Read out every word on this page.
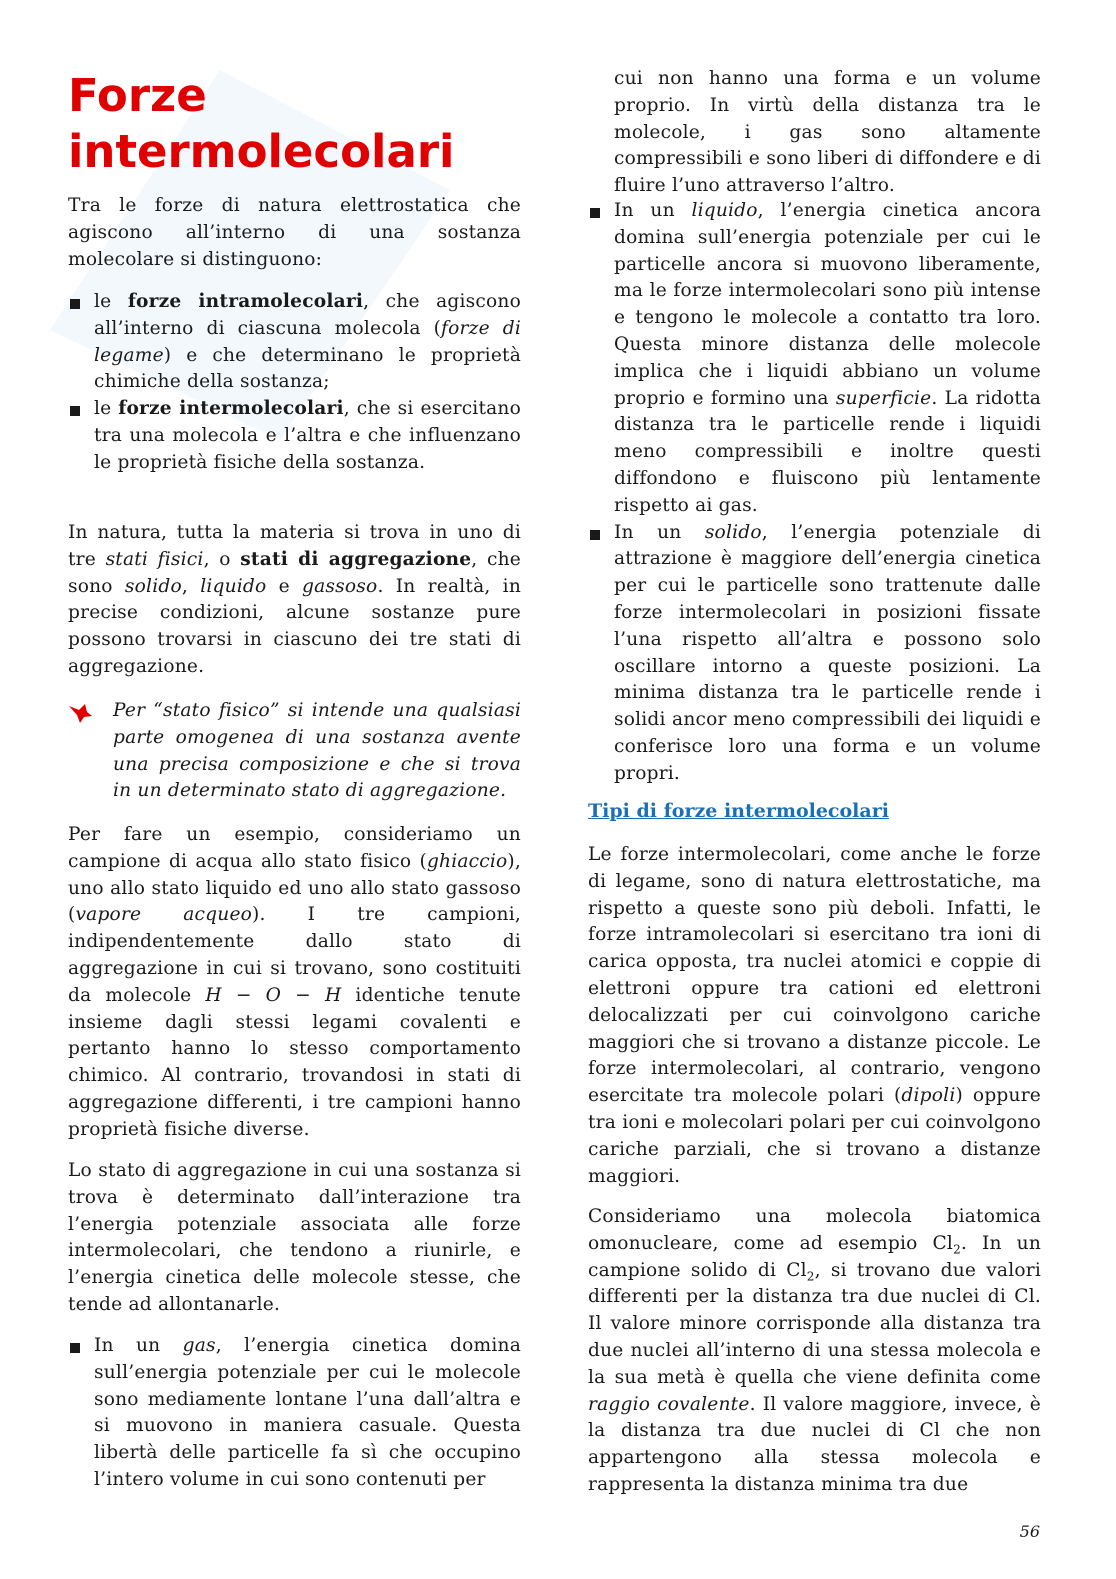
Forze
intermolecolari

Tra le forze di natura elettrostatica che agiscono all’interno di una sostanza molecolare si distinguono:

le forze intramolecolari, che agiscono all’interno di ciascuna molecola (forze di legame) e che determinano le proprietà chimiche della sostanza;
le forze intermolecolari, che si esercitano tra una molecola e l’altra e che influenzano le proprietà fisiche della sostanza.

In natura, tutta la materia si trova in uno di tre stati fisici, o stati di aggregazione, che sono solido, liquido e gassoso. In realtà, in precise condizioni, alcune sostanze pure possono trovarsi in ciascuno dei tre stati di aggregazione.

Per “stato fisico” si intende una qualsiasi parte omogenea di una sostanza avente una precisa composizione e che si trova in un determinato stato di aggregazione.

Per fare un esempio, consideriamo un campione di acqua allo stato fisico (ghiaccio), uno allo stato liquido ed uno allo stato gassoso (vapore acqueo). I tre campioni, indipendentemente dallo stato di aggregazione in cui si trovano, sono costituiti da molecole H − O − H identiche tenute insieme dagli stessi legami covalenti e pertanto hanno lo stesso comportamento chimico. Al contrario, trovandosi in stati di aggregazione differenti, i tre campioni hanno proprietà fisiche diverse.

Lo stato di aggregazione in cui una sostanza si trova è determinato dall’interazione tra l’energia potenziale associata alle forze intermolecolari, che tendono a riunirle, e l’energia cinetica delle molecole stesse, che tende ad allontanarle.

In un gas, l’energia cinetica domina sull’energia potenziale per cui le molecole sono mediamente lontane l’una dall’altra e si muovono in maniera casuale. Questa libertà delle particelle fa sì che occupino l’intero volume in cui sono contenuti per

cui non hanno una forma e un volume proprio. In virtù della distanza tra le molecole, i gas sono altamente compressibili e sono liberi di diffondere e di fluire l’uno attraverso l’altro.

In un liquido, l’energia cinetica ancora domina sull’energia potenziale per cui le particelle ancora si muovono liberamente, ma le forze intermolecolari sono più intense e tengono le molecole a contatto tra loro. Questa minore distanza delle molecole implica che i liquidi abbiano un volume proprio e formino una superficie. La ridotta distanza tra le particelle rende i liquidi meno compressibili e inoltre questi diffondono e fluiscono più lentamente rispetto ai gas.
In un solido, l’energia potenziale di attrazione è maggiore dell’energia cinetica per cui le particelle sono trattenute dalle forze intermolecolari in posizioni fissate l’una rispetto all’altra e possono solo oscillare intorno a queste posizioni. La minima distanza tra le particelle rende i solidi ancor meno compressibili dei liquidi e conferisce loro una forma e un volume propri.
Tipi di forze intermolecolari

Le forze intermolecolari, come anche le forze di legame, sono di natura elettrostatiche, ma rispetto a queste sono più deboli. Infatti, le forze intramolecolari si esercitano tra ioni di carica opposta, tra nuclei atomici e coppie di elettroni oppure tra cationi ed elettroni delocalizzati per cui coinvolgono cariche maggiori che si trovano a distanze piccole. Le forze intermolecolari, al contrario, vengono esercitate tra molecole polari (dipoli) oppure tra ioni e molecolari polari per cui coinvolgono cariche parziali, che si trovano a distanze maggiori.

Consideriamo una molecola biatomica omonucleare, come ad esempio $Cl_2$. In un campione solido di $Cl_2$, si trovano due valori differenti per la distanza tra due nuclei di Cl. Il valore minore corrisponde alla distanza tra due nuclei all’interno di una stessa molecola e la sua metà è quella che viene definita come raggio covalente. Il valore maggiore, invece, è la distanza tra due nuclei di Cl che non appartengono alla stessa molecola e rappresenta la distanza minima tra due

56
